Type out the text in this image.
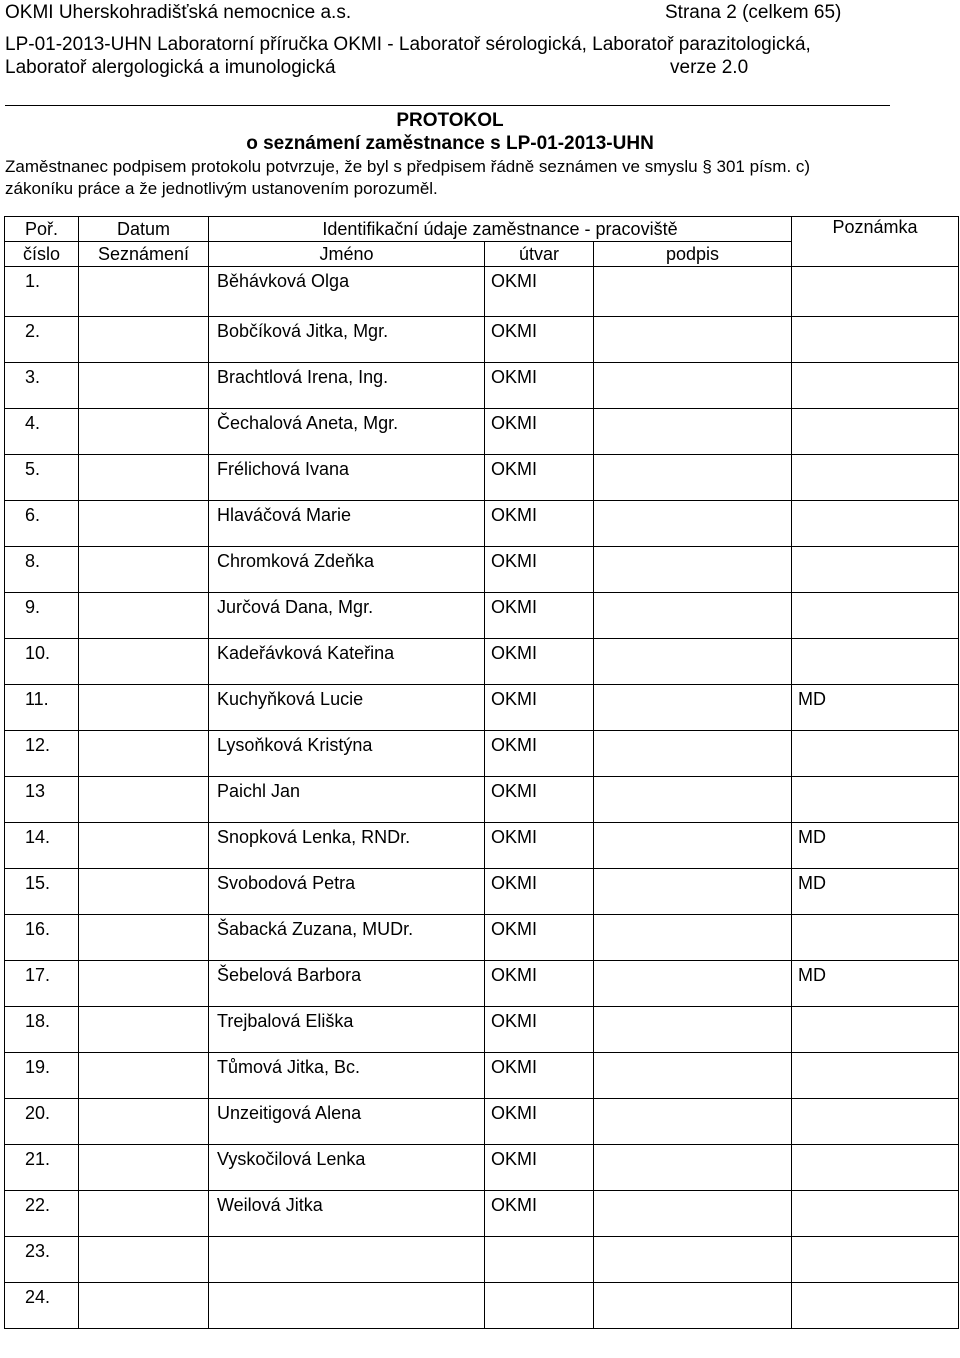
OKMI Uherskohradišťská nemocnice a.s.	Strana 2 (celkem 65)
LP-01-2013-UHN Laboratorní příručka OKMI - Laboratoř sérologická, Laboratoř parazitologická,
Laboratoř alergologická a imunologická	verze 2.0
PROTOKOL
o seznámení zaměstnance s LP-01-2013-UHN
Zaměstnanec podpisem protokolu potvrzuje, že byl s předpisem řádně seznámen ve smyslu § 301 písm. c)
zákoníku práce a že jednotlivým ustanovením porozuměl.
Poř.	Datum	Identifikační údaje zaměstnance - pracoviště			Poznámka
číslo	Seznámení	Jméno	útvar	podpis	

1.		Běhávková Olga	OKMI		

2.		Bobčíková Jitka, Mgr.	OKMI		

3.		Brachtlová Irena, Ing.	OKMI		

4.		Čechalová Aneta, Mgr.	OKMI		

5.		Frélichová Ivana	OKMI		

6.		Hlaváčová Marie	OKMI		

8.		Chromková Zdeňka	OKMI		

9.		Jurčová Dana, Mgr.	OKMI		

10.		Kadeřávková Kateřina	OKMI		

11.		Kuchyňková Lucie	OKMI		MD

12.		Lysoňková Kristýna	OKMI		

13		Paichl Jan	OKMI		

14.		Snopková Lenka, RNDr.	OKMI		MD

15.		Svobodová Petra	OKMI		MD

16.		Šabacká Zuzana, MUDr.	OKMI		

17.		Šebelová Barbora	OKMI		MD

18.		Trejbalová Eliška	OKMI		

19.		Tůmová Jitka, Bc.	OKMI		

20.		Unzeitigová Alena	OKMI		

21.		Vyskočilová Lenka	OKMI		

22.		Weilová Jitka	OKMI		

23.					

24.					
